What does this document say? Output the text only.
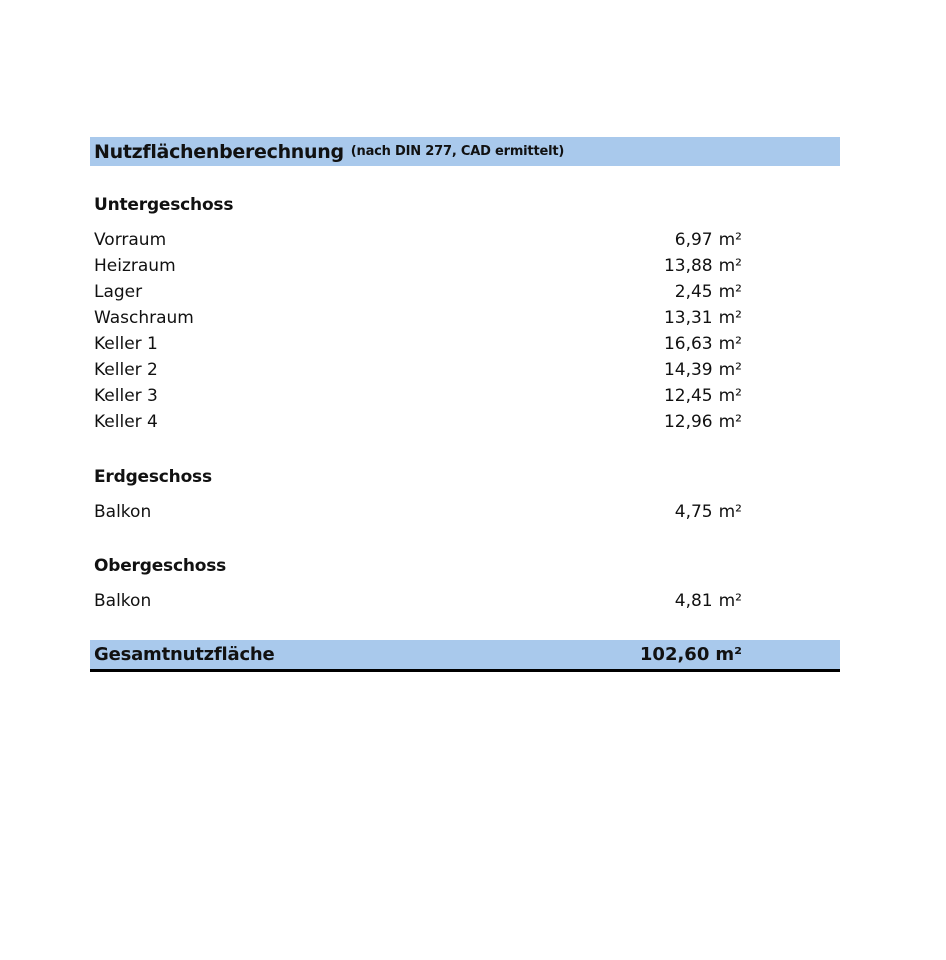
Nutzflächenberechnung (nach DIN 277, CAD ermittelt)
Untergeschoss
Vorraum	6,97 m²
Heizraum	13,88 m²
Lager	2,45 m²
Waschraum	13,31 m²
Keller 1	16,63 m²
Keller 2	14,39 m²
Keller 3	12,45 m²
Keller 4	12,96 m²
Erdgeschoss
Balkon	4,75 m²
Obergeschoss
Balkon	4,81 m²
Gesamtnutzfläche	102,60 m²
